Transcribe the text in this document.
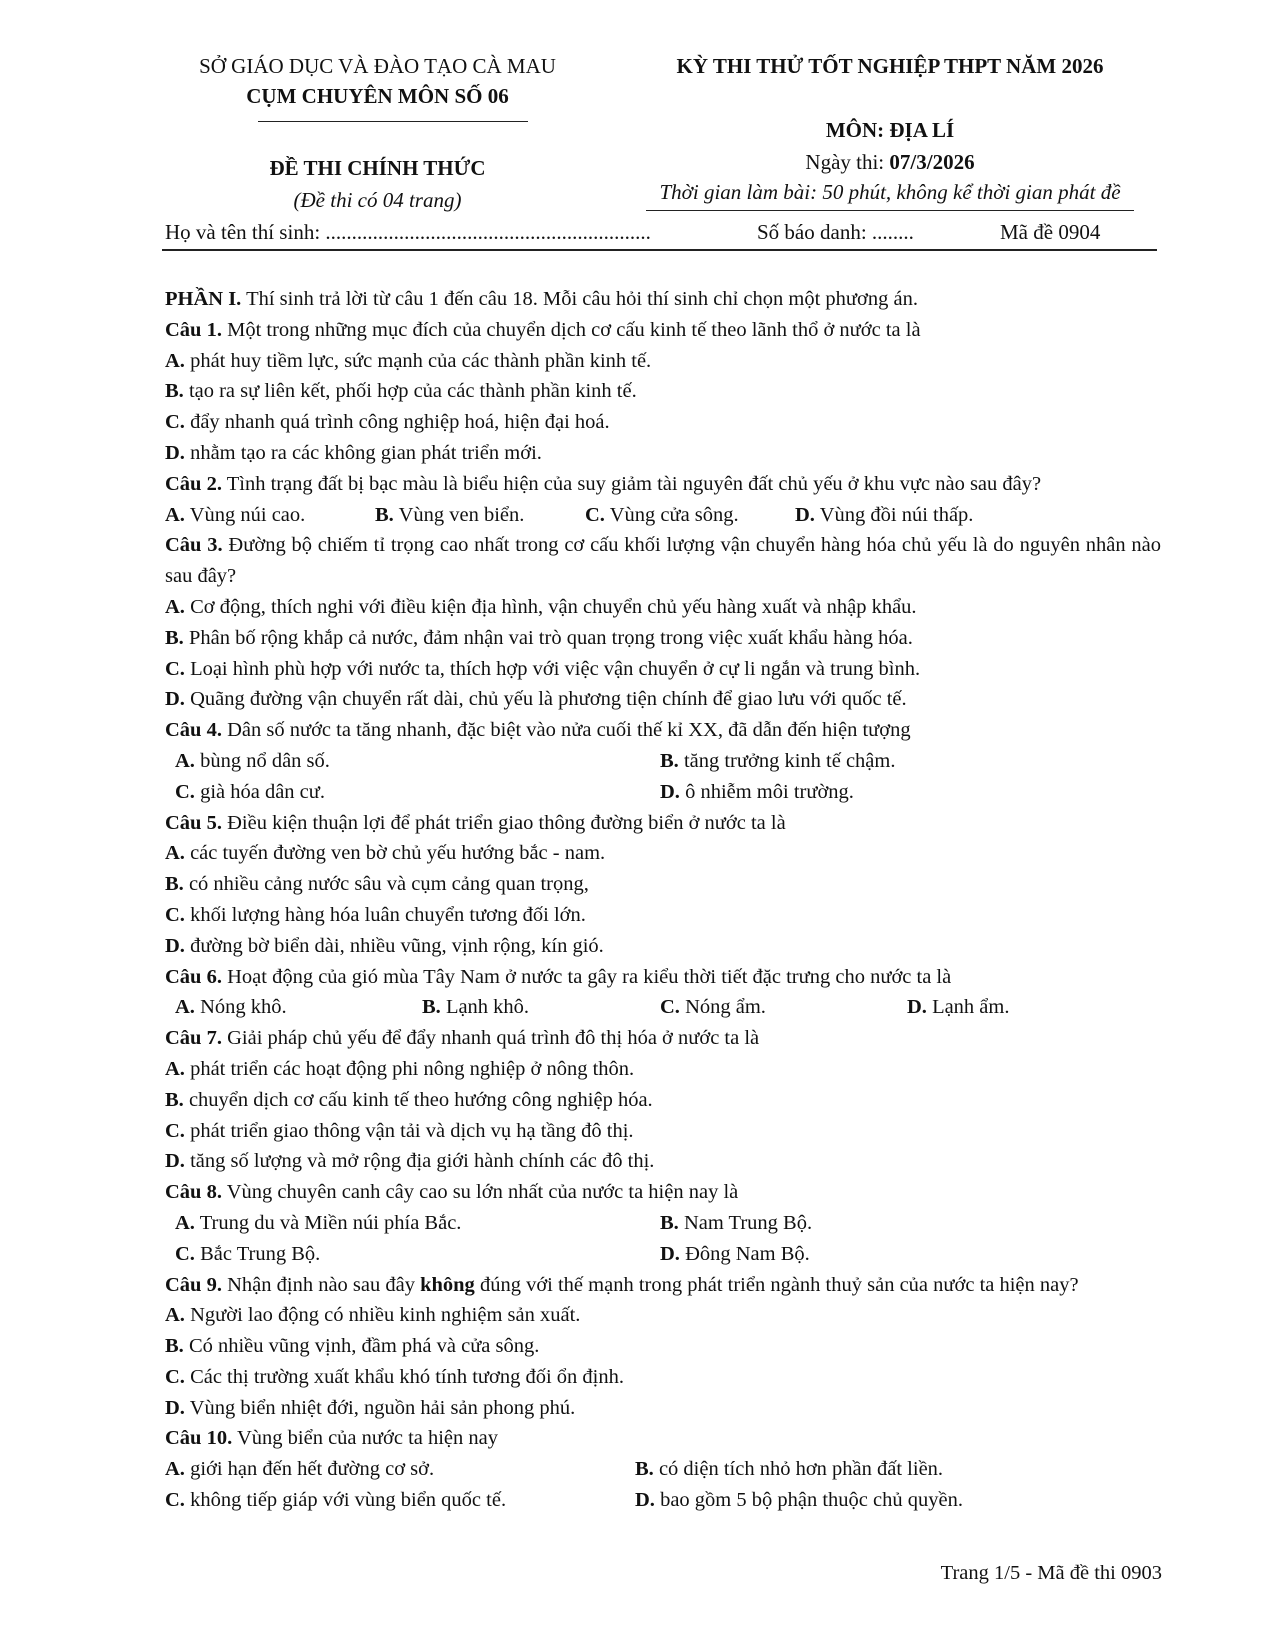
SỞ GIÁO DỤC VÀ ĐÀO TẠO CÀ MAU
CỤM CHUYÊN MÔN SỐ 06
ĐỀ THI CHÍNH THỨC
(Đề thi có 04 trang)
KỲ THI THỬ TỐT NGHIỆP THPT NĂM 2026
MÔN: ĐỊA LÍ
Ngày thi: 07/3/2026
Thời gian làm bài: 50 phút, không kể thời gian phát đề
Họ và tên thí sinh: ..............................................................	Số báo danh: ........	Mã đề 0904
PHẦN I. Thí sinh trả lời từ câu 1 đến câu 18. Mỗi câu hỏi thí sinh chỉ chọn một phương án.
Câu 1. Một trong những mục đích của chuyển dịch cơ cấu kinh tế theo lãnh thổ ở nước ta là
A. phát huy tiềm lực, sức mạnh của các thành phần kinh tế.
B. tạo ra sự liên kết, phối hợp của các thành phần kinh tế.
C. đẩy nhanh quá trình công nghiệp hoá, hiện đại hoá.
D. nhằm tạo ra các không gian phát triển mới.
Câu 2. Tình trạng đất bị bạc màu là biểu hiện của suy giảm tài nguyên đất chủ yếu ở khu vực nào sau đây?
A. Vùng núi cao.	B. Vùng ven biển.	C. Vùng cửa sông.	D. Vùng đồi núi thấp.
Câu 3. Đường bộ chiếm tỉ trọng cao nhất trong cơ cấu khối lượng vận chuyển hàng hóa chủ yếu là do nguyên nhân nào sau đây?
A. Cơ động, thích nghi với điều kiện địa hình, vận chuyển chủ yếu hàng xuất và nhập khẩu.
B. Phân bố rộng khắp cả nước, đảm nhận vai trò quan trọng trong việc xuất khẩu hàng hóa.
C. Loại hình phù hợp với nước ta, thích hợp với việc vận chuyển ở cự li ngắn và trung bình.
D. Quãng đường vận chuyển rất dài, chủ yếu là phương tiện chính để giao lưu với quốc tế.
Câu 4. Dân số nước ta tăng nhanh, đặc biệt vào nửa cuối thế kỉ XX, đã dẫn đến hiện tượng
A. bùng nổ dân số.	B. tăng trưởng kinh tế chậm.
C. già hóa dân cư.	D. ô nhiễm môi trường.
Câu 5. Điều kiện thuận lợi để phát triển giao thông đường biển ở nước ta là
A. các tuyến đường ven bờ chủ yếu hướng bắc - nam.
B. có nhiều cảng nước sâu và cụm cảng quan trọng,
C. khối lượng hàng hóa luân chuyển tương đối lớn.
D. đường bờ biển dài, nhiều vũng, vịnh rộng, kín gió.
Câu 6. Hoạt động của gió mùa Tây Nam ở nước ta gây ra kiểu thời tiết đặc trưng cho nước ta là
A. Nóng khô.	B. Lạnh khô.	C. Nóng ẩm.	D. Lạnh ẩm.
Câu 7. Giải pháp chủ yếu để đẩy nhanh quá trình đô thị hóa ở nước ta là
A. phát triển các hoạt động phi nông nghiệp ở nông thôn.
B. chuyển dịch cơ cấu kinh tế theo hướng công nghiệp hóa.
C. phát triển giao thông vận tải và dịch vụ hạ tầng đô thị.
D. tăng số lượng và mở rộng địa giới hành chính các đô thị.
Câu 8. Vùng chuyên canh cây cao su lớn nhất của nước ta hiện nay là
A. Trung du và Miền núi phía Bắc.	B. Nam Trung Bộ.
C. Bắc Trung Bộ.	D. Đông Nam Bộ.
Câu 9. Nhận định nào sau đây không đúng với thế mạnh trong phát triển ngành thuỷ sản của nước ta hiện nay?
A. Người lao động có nhiều kinh nghiệm sản xuất.
B. Có nhiều vũng vịnh, đầm phá và cửa sông.
C. Các thị trường xuất khẩu khó tính tương đối ổn định.
D. Vùng biển nhiệt đới, nguồn hải sản phong phú.
Câu 10. Vùng biển của nước ta hiện nay
A. giới hạn đến hết đường cơ sở.	B. có diện tích nhỏ hơn phần đất liền.
C. không tiếp giáp với vùng biển quốc tế.	D. bao gồm 5 bộ phận thuộc chủ quyền.
Trang 1/5 - Mã đề thi 0903
